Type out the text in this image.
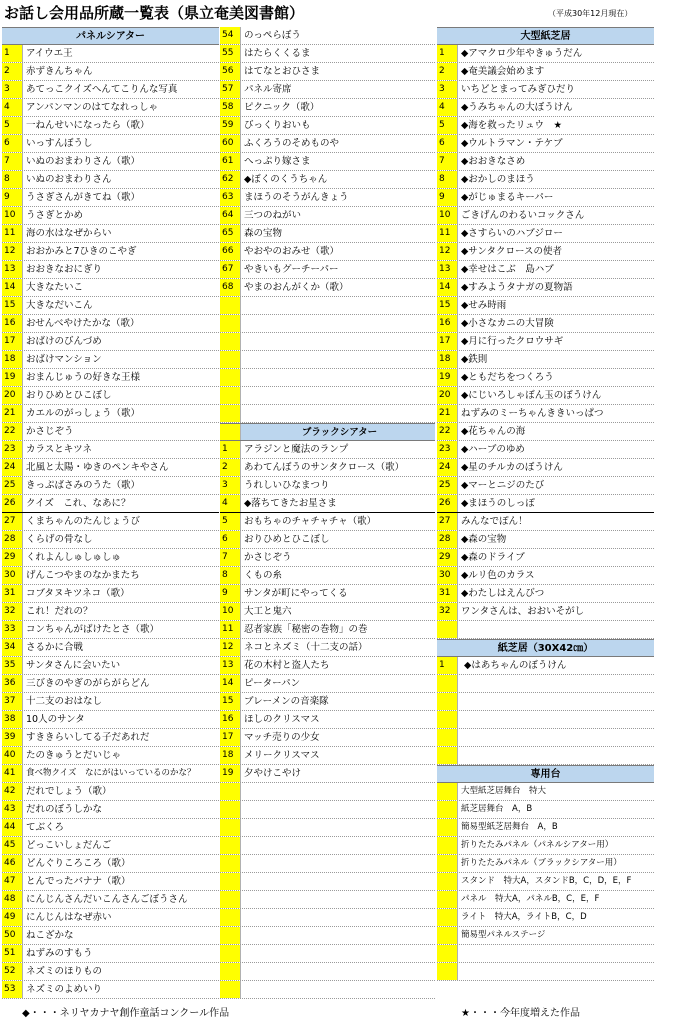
お話し会用品所蔵一覧表（県立奄美図書館）	（平成30年12月現在）
パネルシアター
1	アイウエ王
2	赤ずきんちゃん
3	あてっこクイズへんてこりんな写真
4	アンパンマンのはてなれっしゃ
5	一ねんせいになったら（歌）
6	いっすんぼうし
7	いぬのおまわりさん（歌）
8	いぬのおまわりさん
9	うさぎさんがきてね（歌）
10	うさぎとかめ
11	海の水はなぜからい
12	おおかみと7ひきのこやぎ
13	おおきなおにぎり
14	大きなたいこ
15	大きなだいこん
16	おせんべやけたかな（歌）
17	おばけのびんづめ
18	おばけマンション
19	おまんじゅうの好きな王様
20	おりひめとひこぼし
21	カエルのがっしょう（歌）
22	かさじぞう
23	カラスとキツネ
24	北風と太陽・ゆきのペンキやさん
25	きっぷばさみのうた（歌）
26	クイズ　これ、なあに？
27	くまちゃんのたんじょうび
28	くらげの骨なし
29	くれよんしゅしゅしゅ
30	げんこつやまのなかまたち
31	コブタヌキツネコ（歌）
32	これ！だれの？
33	コンちゃんがばけたとさ（歌）
34	さるかに合戦
35	サンタさんに会いたい
36	三びきのやぎのがらがらどん
37	十二支のおはなし
38	10人のサンタ
39	すききらいしてる子だあれだ
40	たのきゅうとだいじゃ
41	食べ物クイズ　なにがはいっているのかな？
42	だれでしょう（歌）
43	だれのぼうしかな
44	てぶくろ
45	どっこいしょだんご
46	どんぐりころころ（歌）
47	とんでったバナナ（歌）
48	にんじんさんだいこんさんごぼうさん
49	にんじんはなぜ赤い
50	ねこざかな
51	ねずみのすもう
52	ネズミのほりもの
53	ネズミのよめいり
54	のっぺらぼう
55	はたらくくるま
56	はてなとおひさま
57	パネル寄席
58	ピクニック（歌）
59	びっくりおいも
60	ふくろうのそめものや
61	へっぷり嫁さま
62	◆ぼくのくうちゃん
63	まほうのそうがんきょう
64	三つのねがい
65	森の宝物
66	やおやのおみせ（歌）
67	やきいもグーチーパー
68	やまのおんがくか（歌）
ブラックシアター
1	アラジンと魔法のランプ
2	あわてんぼうのサンタクロース（歌）
3	うれしいひなまつり
4	◆落ちてきたお星さま
5	おもちゃのチャチャチャ（歌）
6	おりひめとひこぼし
7	かさじぞう
8	くもの糸
9	サンタが町にやってくる
10	大工と鬼六
11	忍者家族「秘密の巻物」の巻
12	ネコとネズミ（十二支の話）
13	花の木村と盗人たち
14	ピーターパン
15	ブレーメンの音楽隊
16	ほしのクリスマス
17	マッチ売りの少女
18	メリークリスマス
19	夕やけこやけ
大型紙芝居
1	◆アマクロ少年やきゅうだん
2	◆奄美議会始めます
3	いちどとまってみぎひだり
4	◆うみちゃんの大ぼうけん
5	◆海を救ったリュウ　★
6	◆ウルトラマン・テケブ
7	◆おおきなさめ
8	◆おかしのまほう
9	◆がじゅまるキーパー
10	ごきげんのわるいコックさん
11	◆さすらいのハブジロー
12	◆サンタクロースの使者
13	◆幸せはこぶ　島ハブ
14	◆すみようタナガの夏物語
15	◆せみ時雨
16	◆小さなカニの大冒険
17	◆月に行ったクロウサギ
18	◆鉄則
19	◆ともだちをつくろう
20	◆にじいろしゃぼん玉のぼうけん
21	ねずみのミーちゃんききいっぱつ
22	◆花ちゃんの海
23	◆ハーブのゆめ
24	◆星のチルカのぼうけん
25	◆マーとニジのたび
26	◆まほうのしっぽ
27	みんなでぽん！
28	◆森の宝物
29	◆森のドライブ
30	◆ルリ色のカラス
31	◆わたしはえんびつ
32	ワンタさんは、おおいそがし
紙芝居（30X42㎝）
1	◆はあちゃんのぼうけん
専用台
大型紙芝居舞台　特大
紙芝居舞台　A，B
簡易型紙芝居舞台　A，B
折りたたみパネル（パネルシアター用）
折りたたみパネル（ブラックシアター用）
スタンド　特大A，スタンドB，C，D，E，F
パネル　特大A，パネルB，C，E，F
ライト　特大A，ライトB，C，D
簡易型パネルステージ
◆・・・ネリヤカナヤ創作童話コンクール作品	★・・・今年度増えた作品
